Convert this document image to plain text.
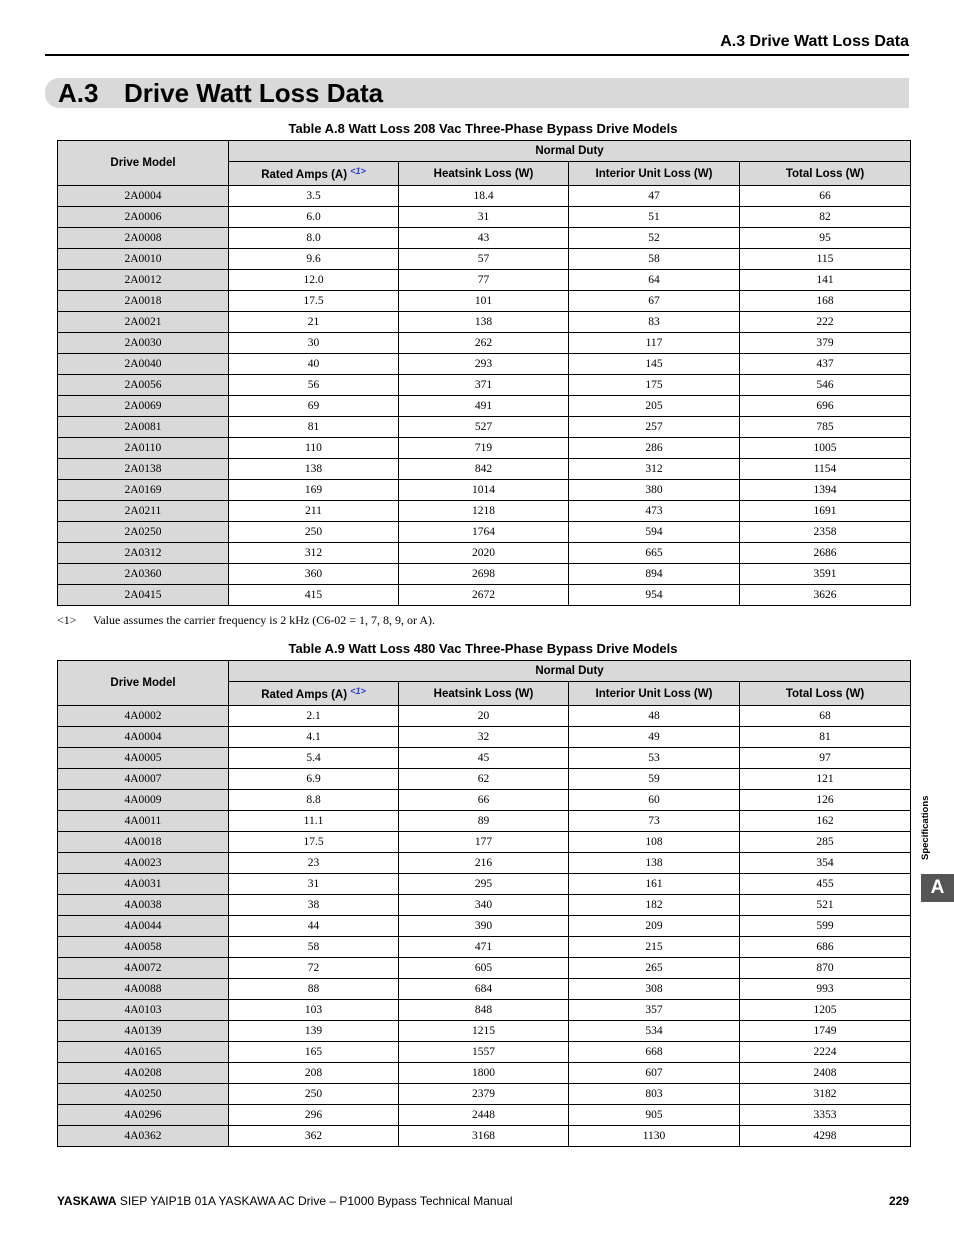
A.3 Drive Watt Loss Data
A.3 Drive Watt Loss Data
Table A.8 Watt Loss 208 Vac Three-Phase Bypass Drive Models
Drive Model	Normal Duty			
	Rated Amps (A) $^{<1>}$	Heatsink Loss (W)	Interior Unit Loss (W)	Total Loss (W)
2A0004	3.5	18.4	47	66
2A0006	6.0	31	51	82
2A0008	8.0	43	52	95
2A0010	9.6	57	58	115
2A0012	12.0	77	64	141
2A0018	17.5	101	67	168
2A0021	21	138	83	222
2A0030	30	262	117	379
2A0040	40	293	145	437
2A0056	56	371	175	546
2A0069	69	491	205	696
2A0081	81	527	257	785
2A0110	110	719	286	1005
2A0138	138	842	312	1154
2A0169	169	1014	380	1394
2A0211	211	1218	473	1691
2A0250	250	1764	594	2358
2A0312	312	2020	665	2686
2A0360	360	2698	894	3591
2A0415	415	2672	954	3626
<1> Value assumes the carrier frequency is 2 kHz (C6-02 = 1, 7, 8, 9, or A).
Table A.9 Watt Loss 480 Vac Three-Phase Bypass Drive Models
Drive Model	Normal Duty			
	Rated Amps (A) $^{<1>}$	Heatsink Loss (W)	Interior Unit Loss (W)	Total Loss (W)
4A0002	2.1	20	48	68
4A0004	4.1	32	49	81
4A0005	5.4	45	53	97
4A0007	6.9	62	59	121
4A0009	8.8	66	60	126
4A0011	11.1	89	73	162
4A0018	17.5	177	108	285
4A0023	23	216	138	354
4A0031	31	295	161	455
4A0038	38	340	182	521
4A0044	44	390	209	599
4A0058	58	471	215	686
4A0072	72	605	265	870
4A0088	88	684	308	993
4A0103	103	848	357	1205
4A0139	139	1215	534	1749
4A0165	165	1557	668	2224
4A0208	208	1800	607	2408
4A0250	250	2379	803	3182
4A0296	296	2448	905	3353
4A0362	362	3168	1130	4298
Specifications
A
YASKAWA SIEP YAIP1B 01A YASKAWA AC Drive – P1000 Bypass Technical Manual	229
